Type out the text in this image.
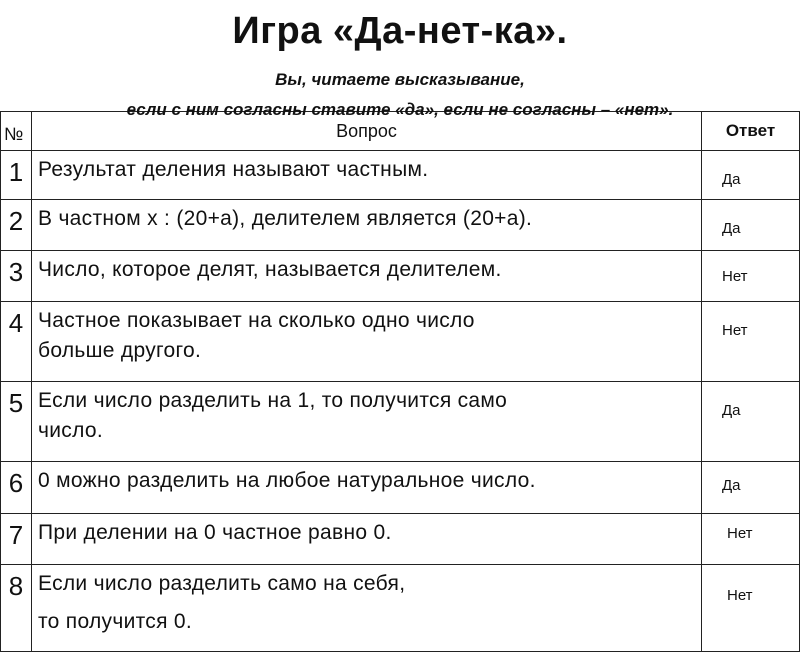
Игра «Да-нет-ка».
Вы, читаете высказывание,
если с ним согласны ставите «да», если не согласны – «нет».
№	Вопрос	Ответ
1	Результат деления называют частным.	Да

2	В частном х : (20+а), делителем является (20+а).	Да

3	Число, которое делят, называется делителем.	Нет

4	Частное показывает на сколько одно число
больше другого.	Нет

5	Если число разделить на 1, то получится само
число.	Да

6	0 можно разделить на любое натуральное число.	Да

7	При делении на 0 частное равно 0.	Нет

8	Если число разделить само на себя,
то получится 0.	Нет
